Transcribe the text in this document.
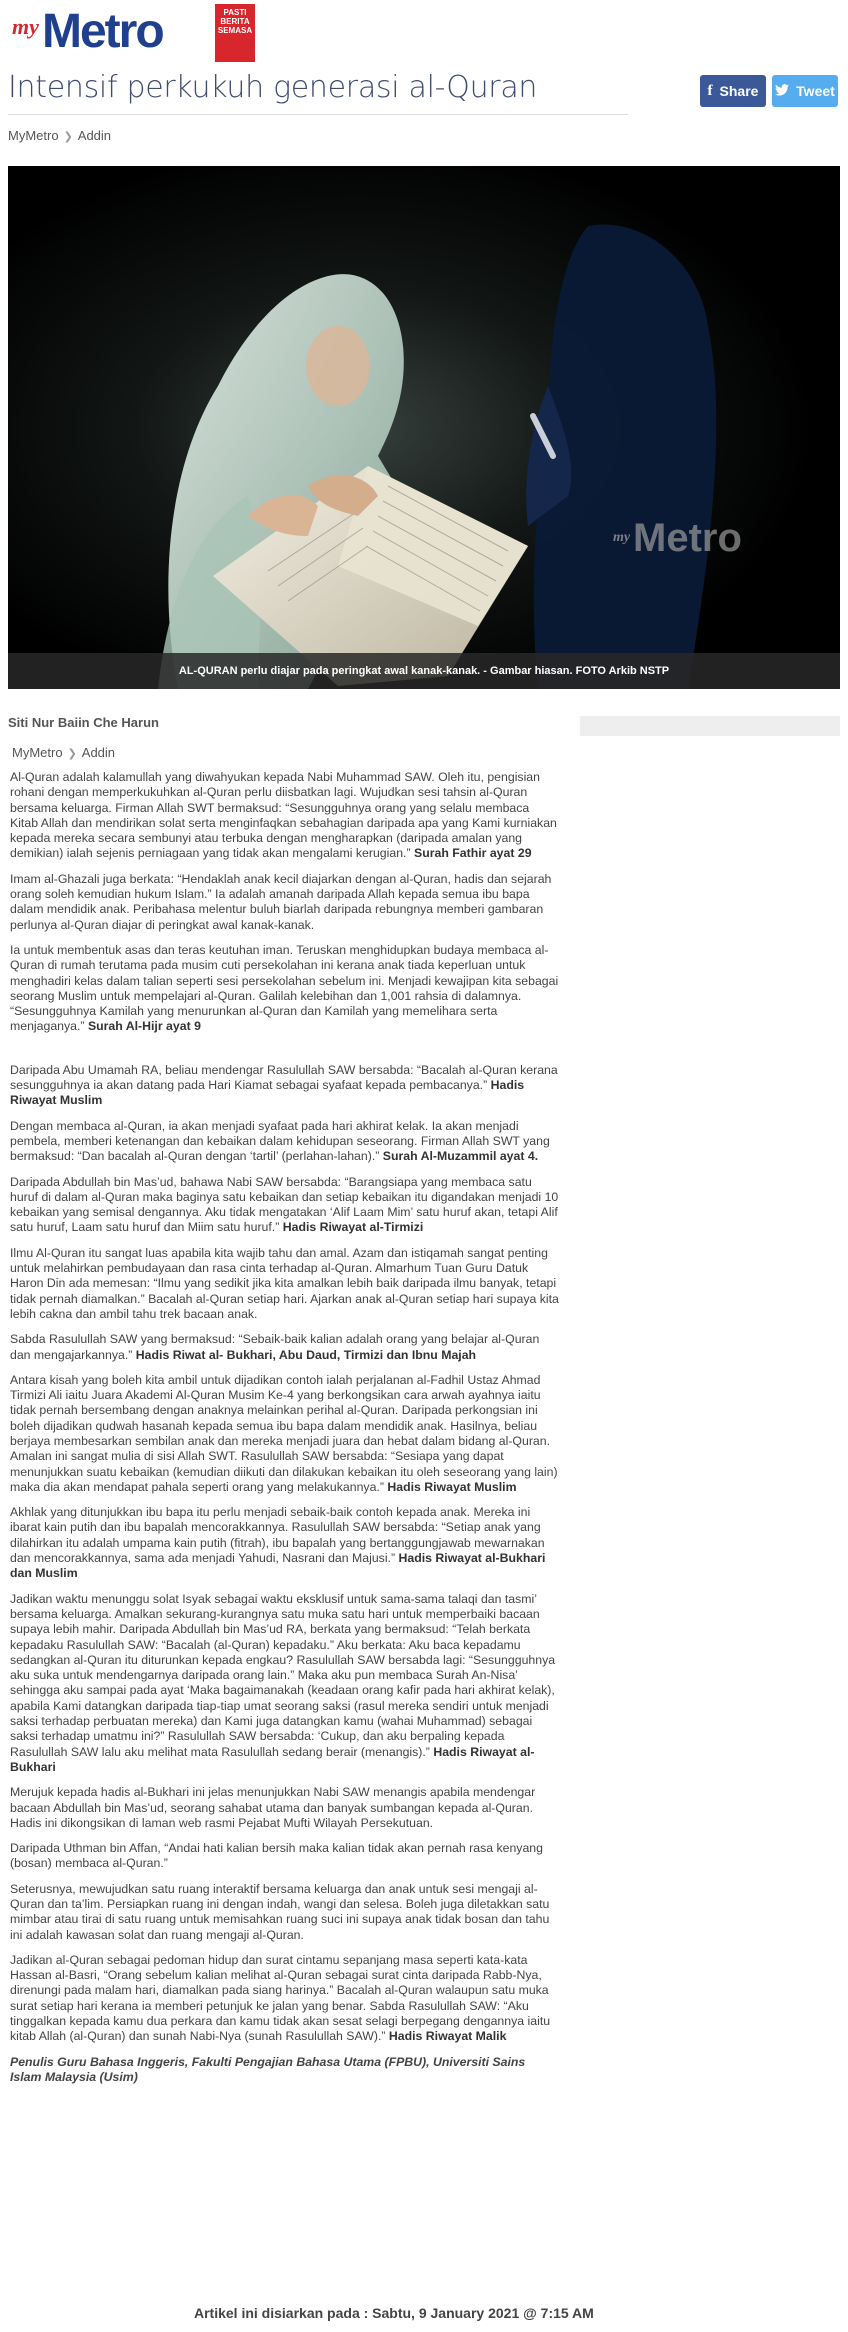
my Metro	PASTI BERITA SEMASA
Intensif perkukuh generasi al-Quran	f Share	Tweet
MyMetro ❯ Addin
my Metro
AL-QURAN perlu diajar pada peringkat awal kanak-kanak. - Gambar hiasan. FOTO Arkib NSTP
Siti Nur Baiin Che Harun
MyMetro ❯ Addin

Al-Quran adalah kalamullah yang diwahyukan kepada Nabi Muhammad SAW. Oleh itu, pengisian rohani dengan memperkukuhkan al-Quran perlu diisbatkan lagi. Wujudkan sesi tahsin al-Quran bersama keluarga. Firman Allah SWT bermaksud: “Sesungguhnya orang yang selalu membaca Kitab Allah dan mendirikan solat serta menginfaqkan sebahagian daripada apa yang Kami kurniakan kepada mereka secara sembunyi atau terbuka dengan mengharapkan (daripada amalan yang demikian) ialah sejenis perniagaan yang tidak akan mengalami kerugian.” Surah Fathir ayat 29

Imam al-Ghazali juga berkata: “Hendaklah anak kecil diajarkan dengan al-Quran, hadis dan sejarah orang soleh kemudian hukum Islam.” Ia adalah amanah daripada Allah kepada semua ibu bapa dalam mendidik anak. Peribahasa melentur buluh biarlah daripada rebungnya memberi gambaran perlunya al-Quran diajar di peringkat awal kanak-kanak.

Ia untuk membentuk asas dan teras keutuhan iman. Teruskan menghidupkan budaya membaca al-Quran di rumah terutama pada musim cuti persekolahan ini kerana anak tiada keperluan untuk menghadiri kelas dalam talian seperti sesi persekolahan sebelum ini. Menjadi kewajipan kita sebagai seorang Muslim untuk mempelajari al-Quran. Galilah kelebihan dan 1,001 rahsia di dalamnya. “Sesungguhnya Kamilah yang menurunkan al-Quran dan Kamilah yang memelihara serta menjaganya.” Surah Al-Hijr ayat 9

Daripada Abu Umamah RA, beliau mendengar Rasulullah SAW bersabda: “Bacalah al-Quran kerana sesungguhnya ia akan datang pada Hari Kiamat sebagai syafaat kepada pembacanya.” Hadis Riwayat Muslim

Dengan membaca al-Quran, ia akan menjadi syafaat pada hari akhirat kelak. Ia akan menjadi pembela, memberi ketenangan dan kebaikan dalam kehidupan seseorang. Firman Allah SWT yang bermaksud: “Dan bacalah al-Quran dengan ‘tartil’ (perlahan-lahan).” Surah Al-Muzammil ayat 4.

Daripada Abdullah bin Mas’ud, bahawa Nabi SAW bersabda: “Barangsiapa yang membaca satu huruf di dalam al-Quran maka baginya satu kebaikan dan setiap kebaikan itu digandakan menjadi 10 kebaikan yang semisal dengannya. Aku tidak mengatakan ‘Alif Laam Mim’ satu huruf akan, tetapi Alif satu huruf, Laam satu huruf dan Miim satu huruf.” Hadis Riwayat al-Tirmizi

Ilmu Al-Quran itu sangat luas apabila kita wajib tahu dan amal. Azam dan istiqamah sangat penting untuk melahirkan pembudayaan dan rasa cinta terhadap al-Quran. Almarhum Tuan Guru Datuk Haron Din ada memesan: “Ilmu yang sedikit jika kita amalkan lebih baik daripada ilmu banyak, tetapi tidak pernah diamalkan.” Bacalah al-Quran setiap hari. Ajarkan anak al-Quran setiap hari supaya kita lebih cakna dan ambil tahu trek bacaan anak.

Sabda Rasulullah SAW yang bermaksud: “Sebaik-baik kalian adalah orang yang belajar al-Quran dan mengajarkannya.” Hadis Riwat al- Bukhari, Abu Daud, Tirmizi dan Ibnu Majah

Antara kisah yang boleh kita ambil untuk dijadikan contoh ialah perjalanan al-Fadhil Ustaz Ahmad Tirmizi Ali iaitu Juara Akademi Al-Quran Musim Ke-4 yang berkongsikan cara arwah ayahnya iaitu tidak pernah bersembang dengan anaknya melainkan perihal al-Quran. Daripada perkongsian ini boleh dijadikan qudwah hasanah kepada semua ibu bapa dalam mendidik anak. Hasilnya, beliau berjaya membesarkan sembilan anak dan mereka menjadi juara dan hebat dalam bidang al-Quran. Amalan ini sangat mulia di sisi Allah SWT. Rasulullah SAW bersabda: “Sesiapa yang dapat menunjukkan suatu kebaikan (kemudian diikuti dan dilakukan kebaikan itu oleh seseorang yang lain) maka dia akan mendapat pahala seperti orang yang melakukannya.” Hadis Riwayat Muslim

Akhlak yang ditunjukkan ibu bapa itu perlu menjadi sebaik-baik contoh kepada anak. Mereka ini ibarat kain putih dan ibu bapalah mencorakkannya. Rasulullah SAW bersabda: “Setiap anak yang dilahirkan itu adalah umpama kain putih (fitrah), ibu bapalah yang bertanggungjawab mewarnakan dan mencorakkannya, sama ada menjadi Yahudi, Nasrani dan Majusi.” Hadis Riwayat al-Bukhari dan Muslim

Jadikan waktu menunggu solat Isyak sebagai waktu eksklusif untuk sama-sama talaqi dan tasmi’ bersama keluarga. Amalkan sekurang-kurangnya satu muka satu hari untuk memperbaiki bacaan supaya lebih mahir. Daripada Abdullah bin Mas’ud RA, berkata yang bermaksud: “Telah berkata kepadaku Rasulullah SAW: “Bacalah (al-Quran) kepadaku.” Aku berkata: Aku baca kepadamu sedangkan al-Quran itu diturunkan kepada engkau? Rasulullah SAW bersabda lagi: “Sesungguhnya aku suka untuk mendengarnya daripada orang lain.” Maka aku pun membaca Surah An-Nisa’ sehingga aku sampai pada ayat ‘Maka bagaimanakah (keadaan orang kafir pada hari akhirat kelak), apabila Kami datangkan daripada tiap-tiap umat seorang saksi (rasul mereka sendiri untuk menjadi saksi terhadap perbuatan mereka) dan Kami juga datangkan kamu (wahai Muhammad) sebagai saksi terhadap umatmu ini?” Rasulullah SAW bersabda: ‘Cukup, dan aku berpaling kepada Rasulullah SAW lalu aku melihat mata Rasulullah sedang berair (menangis).” Hadis Riwayat al-Bukhari

Merujuk kepada hadis al-Bukhari ini jelas menunjukkan Nabi SAW menangis apabila mendengar bacaan Abdullah bin Mas’ud, seorang sahabat utama dan banyak sumbangan kepada al-Quran. Hadis ini dikongsikan di laman web rasmi Pejabat Mufti Wilayah Persekutuan.

Daripada Uthman bin Affan, “Andai hati kalian bersih maka kalian tidak akan pernah rasa kenyang (bosan) membaca al-Quran.”

Seterusnya, mewujudkan satu ruang interaktif bersama keluarga dan anak untuk sesi mengaji al-Quran dan ta’lim. Persiapkan ruang ini dengan indah, wangi dan selesa. Boleh juga diletakkan satu mimbar atau tirai di satu ruang untuk memisahkan ruang suci ini supaya anak tidak bosan dan tahu ini adalah kawasan solat dan ruang mengaji al-Quran.

Jadikan al-Quran sebagai pedoman hidup dan surat cintamu sepanjang masa seperti kata-kata Hassan al-Basri, “Orang sebelum kalian melihat al-Quran sebagai surat cinta daripada Rabb-Nya, direnungi pada malam hari, diamalkan pada siang harinya.” Bacalah al-Quran walaupun satu muka surat setiap hari kerana ia memberi petunjuk ke jalan yang benar. Sabda Rasulullah SAW: “Aku tinggalkan kepada kamu dua perkara dan kamu tidak akan sesat selagi berpegang dengannya iaitu kitab Allah (al-Quran) dan sunah Nabi-Nya (sunah Rasulullah SAW).” Hadis Riwayat Malik

Penulis Guru Bahasa Inggeris, Fakulti Pengajian Bahasa Utama (FPBU), Universiti Sains Islam Malaysia (Usim)

Artikel ini disiarkan pada : Sabtu, 9 January 2021 @ 7:15 AM
